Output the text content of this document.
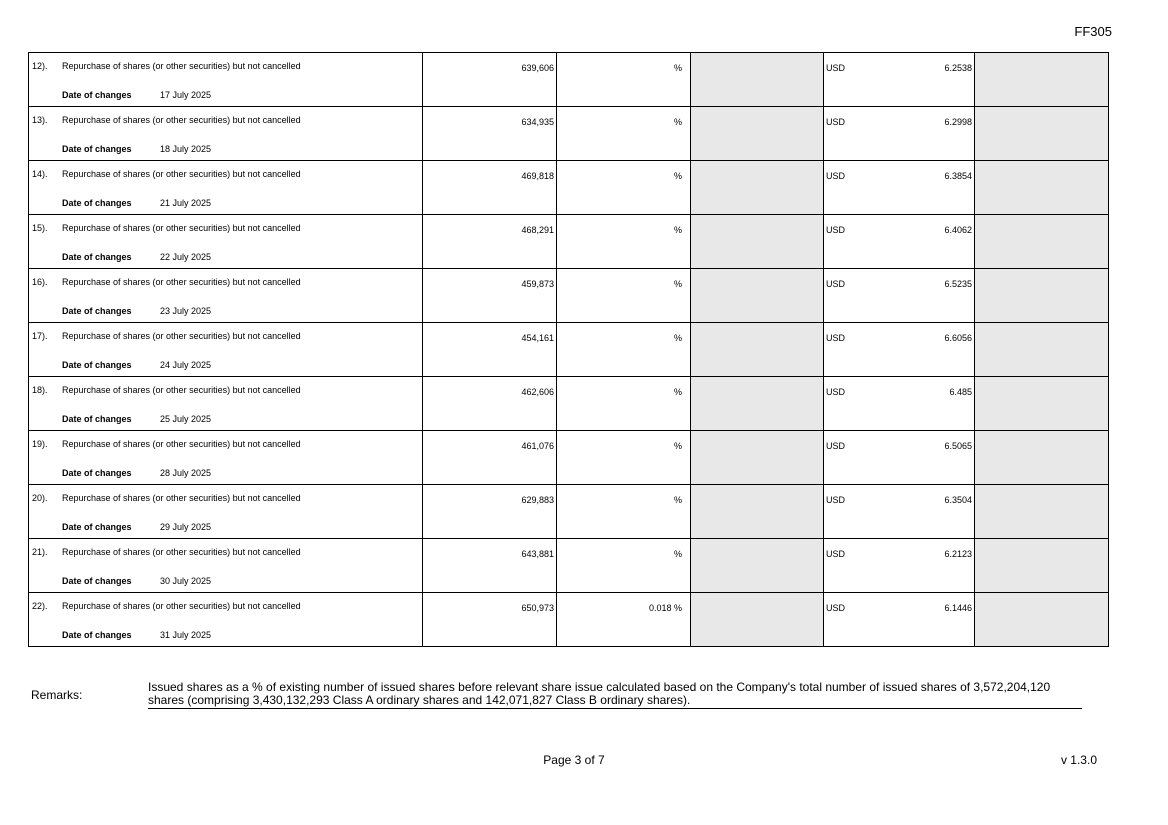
FF305
12). Repurchase of shares (or other securities) but not cancelled
Date of changes 17 July 2025	639,606	%		USD 6.2538	

13). Repurchase of shares (or other securities) but not cancelled
Date of changes 18 July 2025	634,935	%		USD 6.2998	

14). Repurchase of shares (or other securities) but not cancelled
Date of changes 21 July 2025	469,818	%		USD 6.3854	

15). Repurchase of shares (or other securities) but not cancelled
Date of changes 22 July 2025	468,291	%		USD 6.4062	

16). Repurchase of shares (or other securities) but not cancelled
Date of changes 23 July 2025	459,873	%		USD 6.5235	

17). Repurchase of shares (or other securities) but not cancelled
Date of changes 24 July 2025	454,161	%		USD 6.6056	

18). Repurchase of shares (or other securities) but not cancelled
Date of changes 25 July 2025	462,606	%		USD 6.485	

19). Repurchase of shares (or other securities) but not cancelled
Date of changes 28 July 2025	461,076	%		USD 6.5065	

20). Repurchase of shares (or other securities) but not cancelled
Date of changes 29 July 2025	629,883	%		USD 6.3504	

21). Repurchase of shares (or other securities) but not cancelled
Date of changes 30 July 2025	643,881	%		USD 6.2123	

22). Repurchase of shares (or other securities) but not cancelled
Date of changes 31 July 2025	650,973	0.018 %		USD 6.1446	

Remarks:
Issued shares as a % of existing number of issued shares before relevant share issue calculated based on the Company's total number of issued shares of 3,572,204,120 shares (comprising 3,430,132,293 Class A ordinary shares and 142,071,827 Class B ordinary shares).
Page 3 of 7	v 1.3.0
